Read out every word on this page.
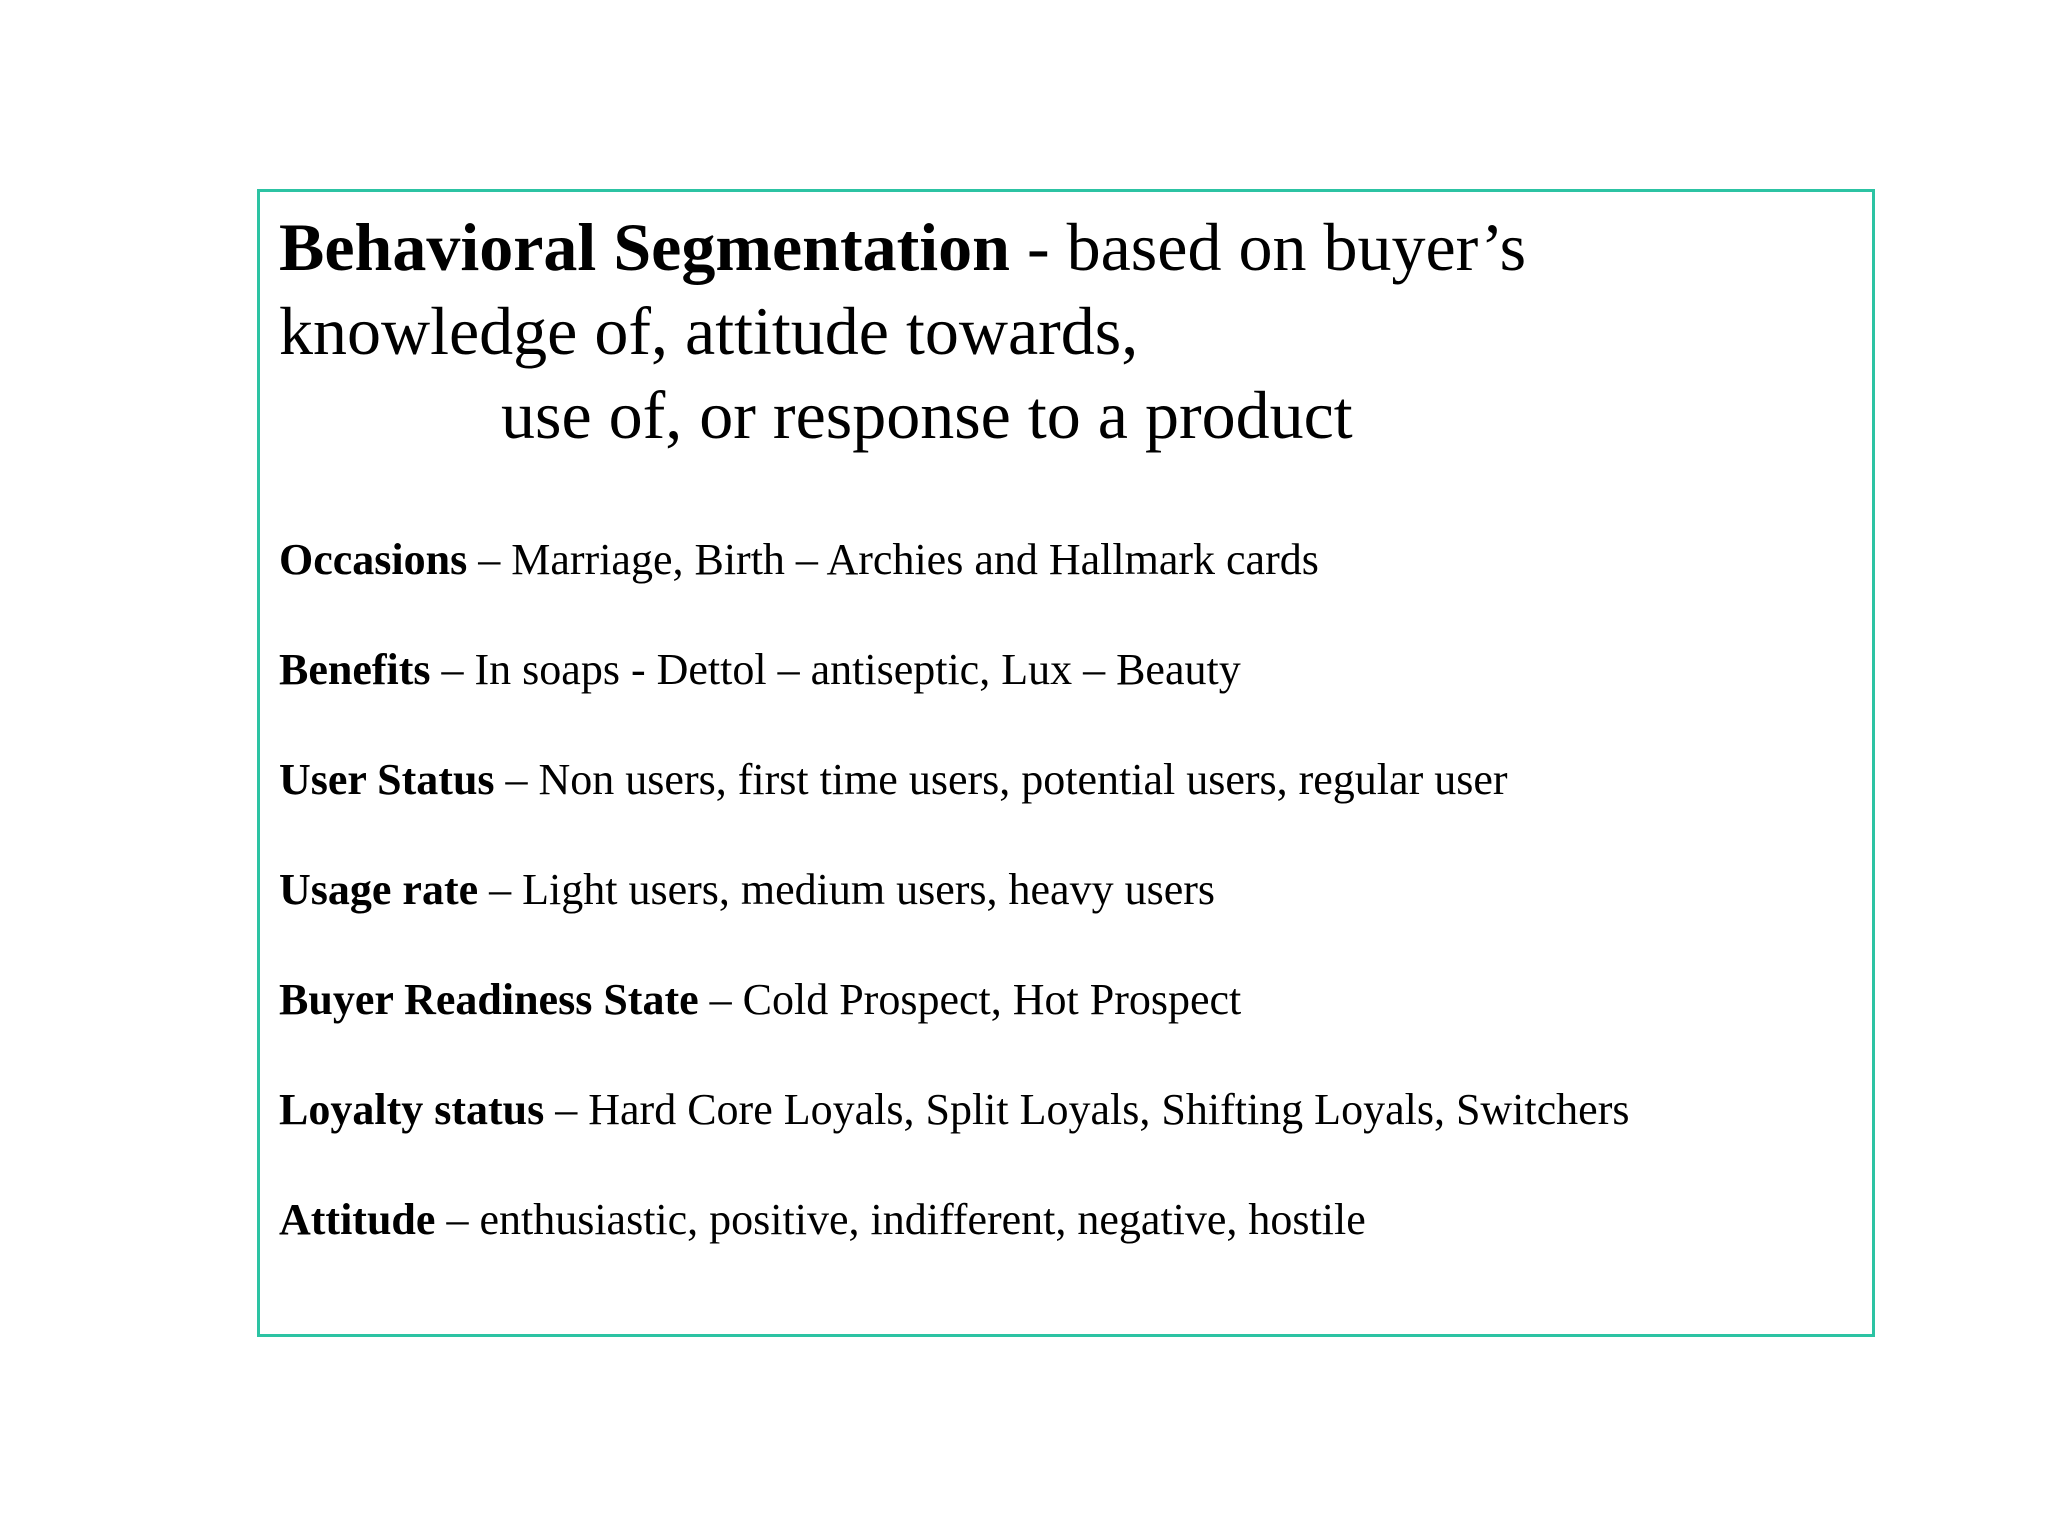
Behavioral Segmentation - based on buyer’s
knowledge of, attitude towards,
use of, or response to a product
Occasions – Marriage, Birth – Archies and Hallmark cards
Benefits – In soaps - Dettol – antiseptic, Lux – Beauty
User Status – Non users, first time users, potential users, regular user
Usage rate – Light users, medium users, heavy users
Buyer Readiness State – Cold Prospect, Hot Prospect
Loyalty status – Hard Core Loyals, Split Loyals, Shifting Loyals, Switchers
Attitude – enthusiastic, positive, indifferent, negative, hostile
